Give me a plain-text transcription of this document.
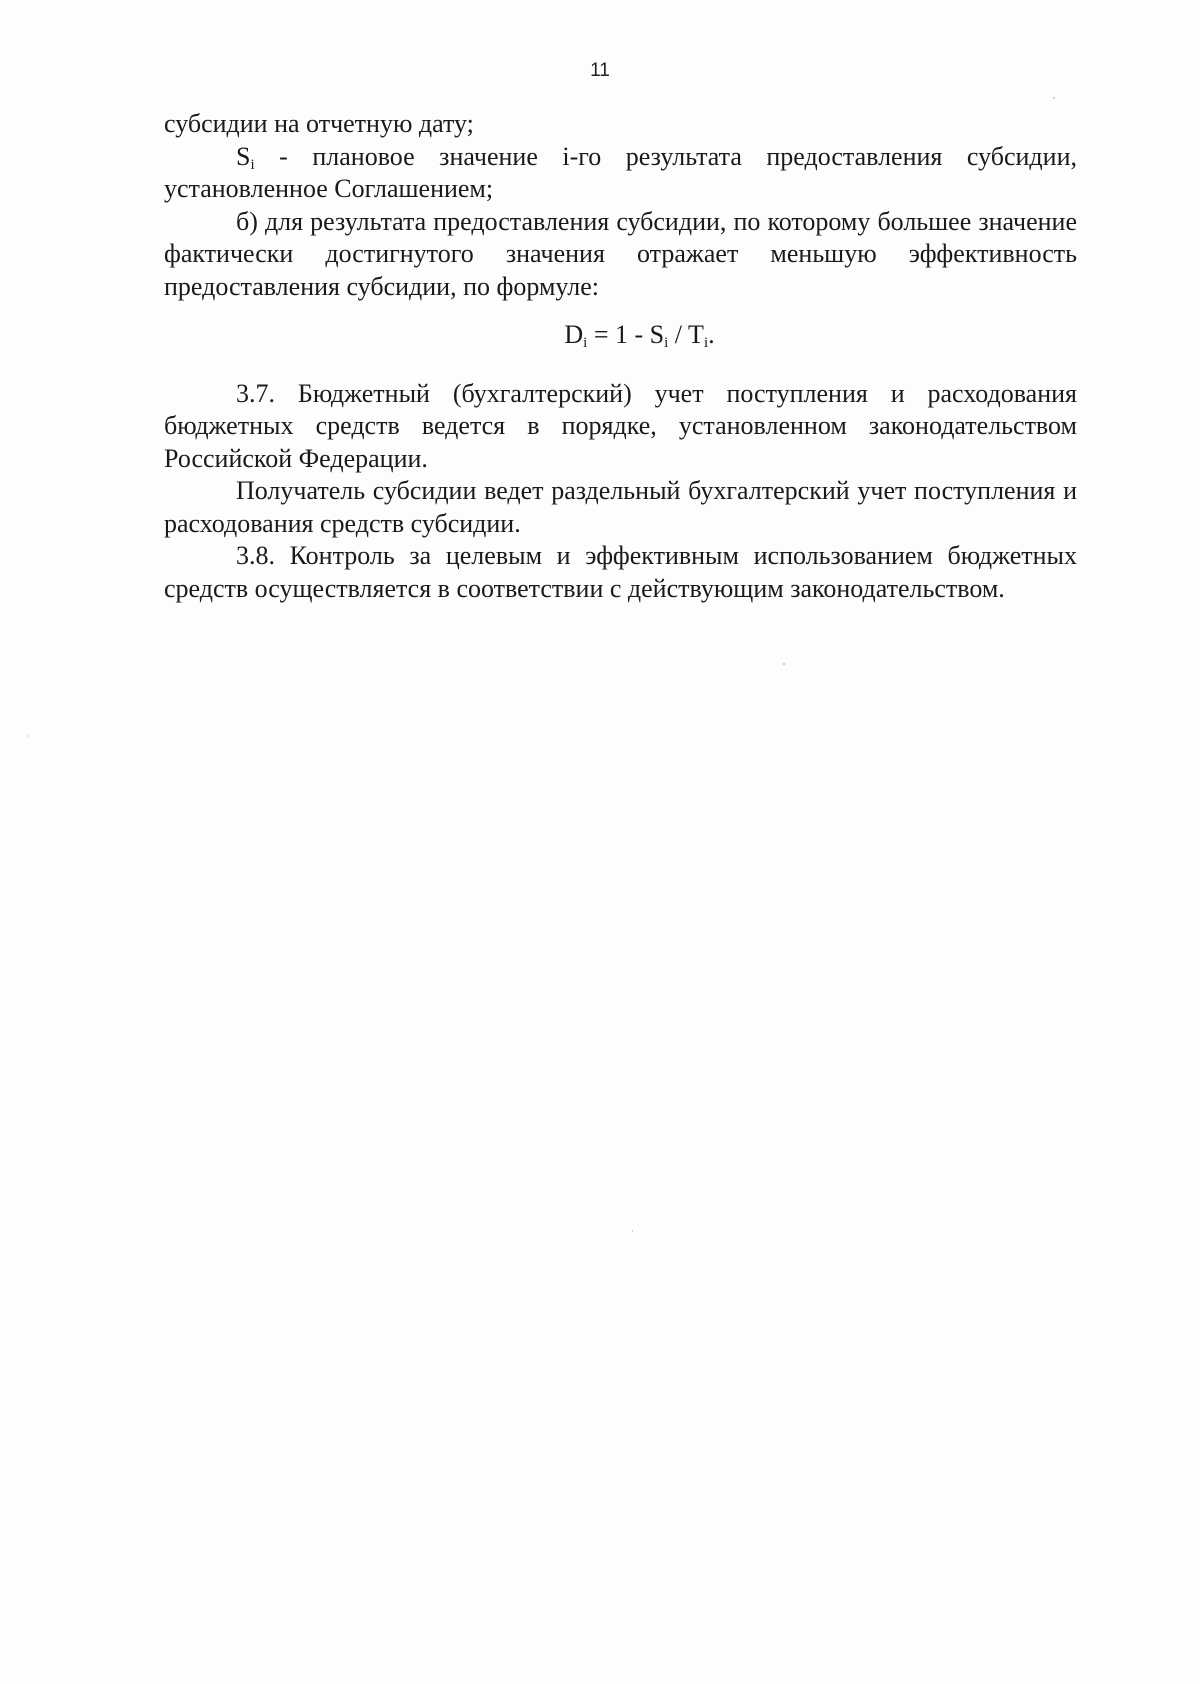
11

субсидии на отчетную дату;

$S_i$ - плановое значение i-го результата предоставления субсидии, установленное Соглашением;

б) для результата предоставления субсидии, по которому большее значение фактически достигнутого значения отражает меньшую эффективность предоставления субсидии, по формуле:

$D_i = 1 - S_i / T_i$.

3.7. Бюджетный (бухгалтерский) учет поступления и расходования бюджетных средств ведется в порядке, установленном законодательством Российской Федерации.

Получатель субсидии ведет раздельный бухгалтерский учет поступления и расходования средств субсидии.

3.8. Контроль за целевым и эффективным использованием бюджетных средств осуществляется в соответствии с действующим законодательством.
